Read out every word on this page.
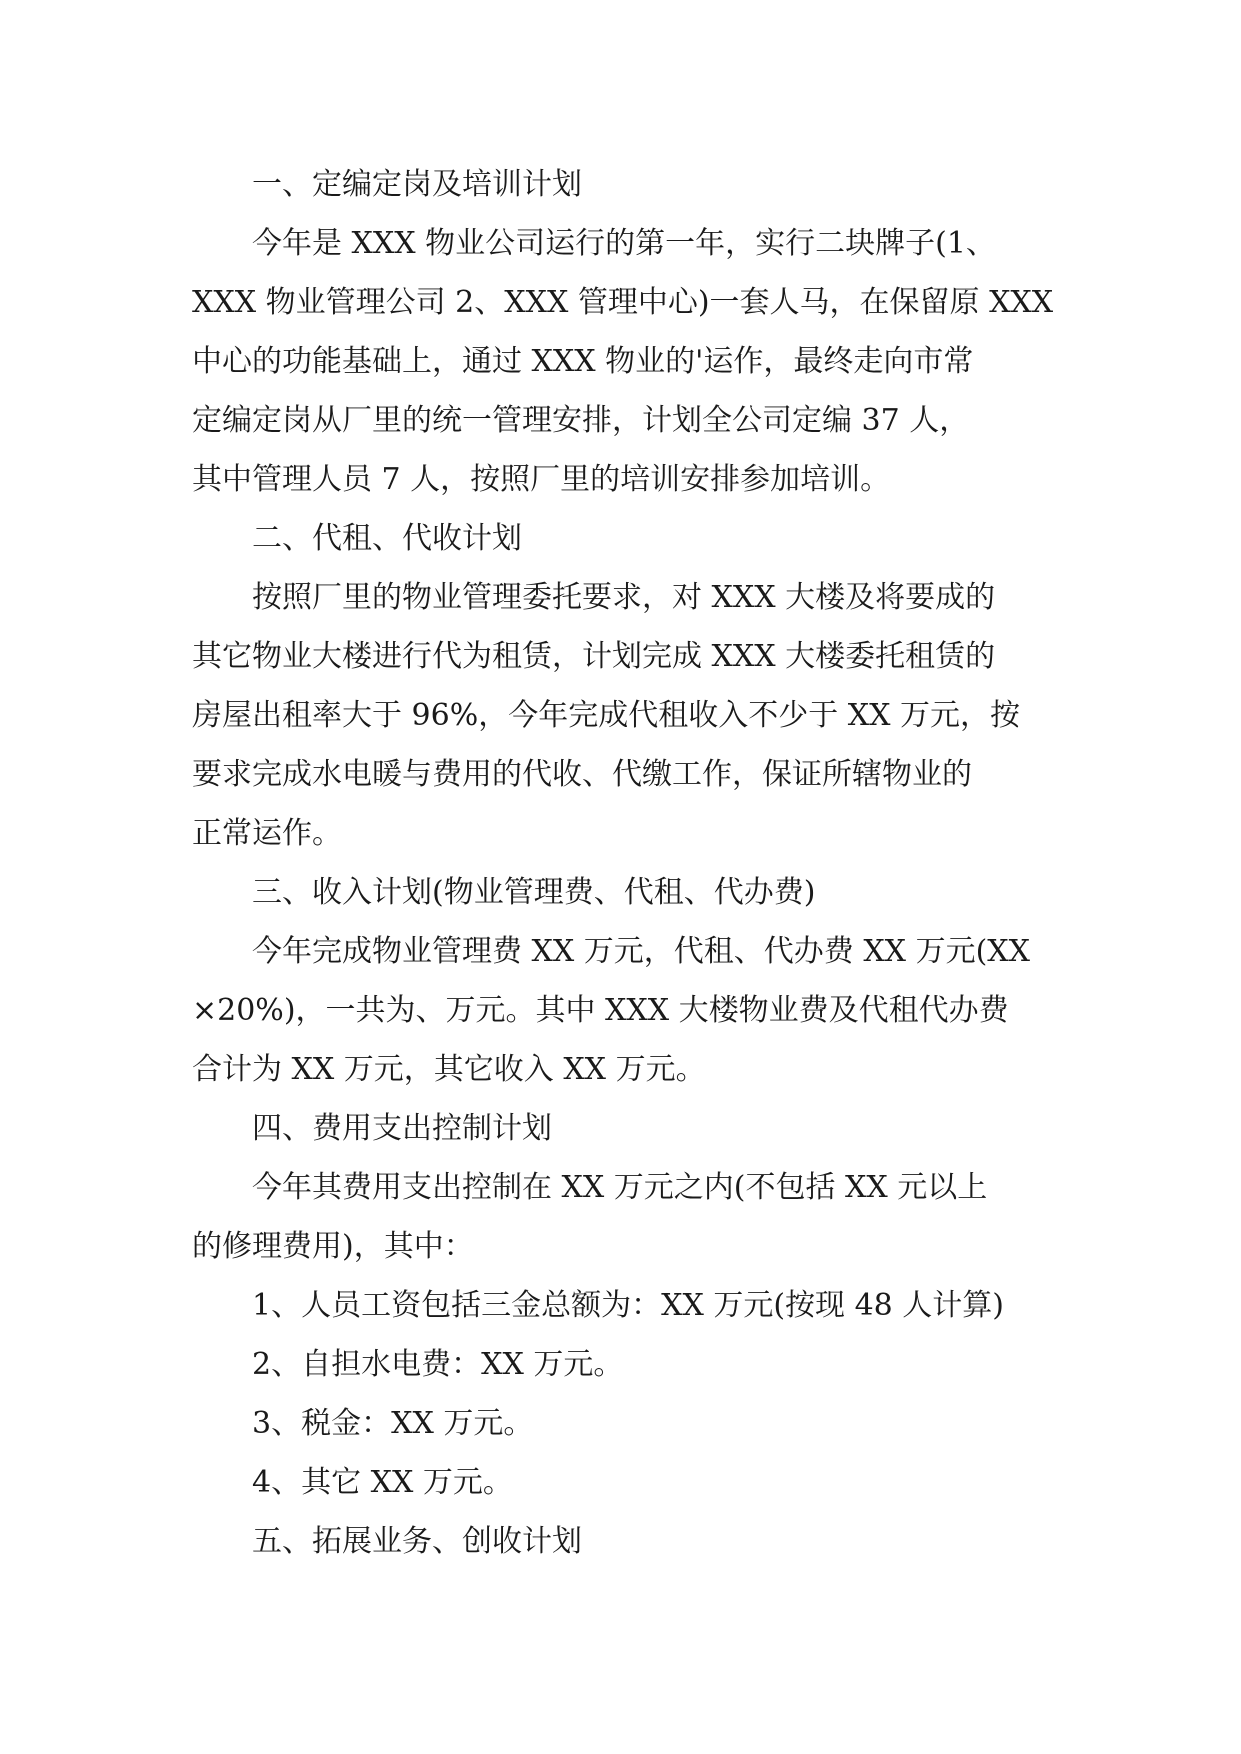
一、定编定岗及培训计划
今年是 XXX 物业公司运行的第一年，实行二块牌子(1、
XXX 物业管理公司 2、XXX 管理中心)一套人马，在保留原 XXX
中心的功能基础上，通过 XXX 物业的'运作，最终走向市常
定编定岗从厂里的统一管理安排，计划全公司定编 37 人，
其中管理人员 7 人，按照厂里的培训安排参加培训。
二、代租、代收计划
按照厂里的物业管理委托要求，对 XXX 大楼及将要成的
其它物业大楼进行代为租赁，计划完成 XXX 大楼委托租赁的
房屋出租率大于 96%，今年完成代租收入不少于 XX 万元，按
要求完成水电暖与费用的代收、代缴工作，保证所辖物业的
正常运作。
三、收入计划(物业管理费、代租、代办费)
今年完成物业管理费 XX 万元，代租、代办费 XX 万元(XX
×20%)，一共为、万元。其中 XXX 大楼物业费及代租代办费
合计为 XX 万元，其它收入 XX 万元。
四、费用支出控制计划
今年其费用支出控制在 XX 万元之内(不包括 XX 元以上
的修理费用)，其中：
1、人员工资包括三金总额为：XX 万元(按现 48 人计算)
2、自担水电费：XX 万元。
3、税金：XX 万元。
4、其它 XX 万元。
五、拓展业务、创收计划
